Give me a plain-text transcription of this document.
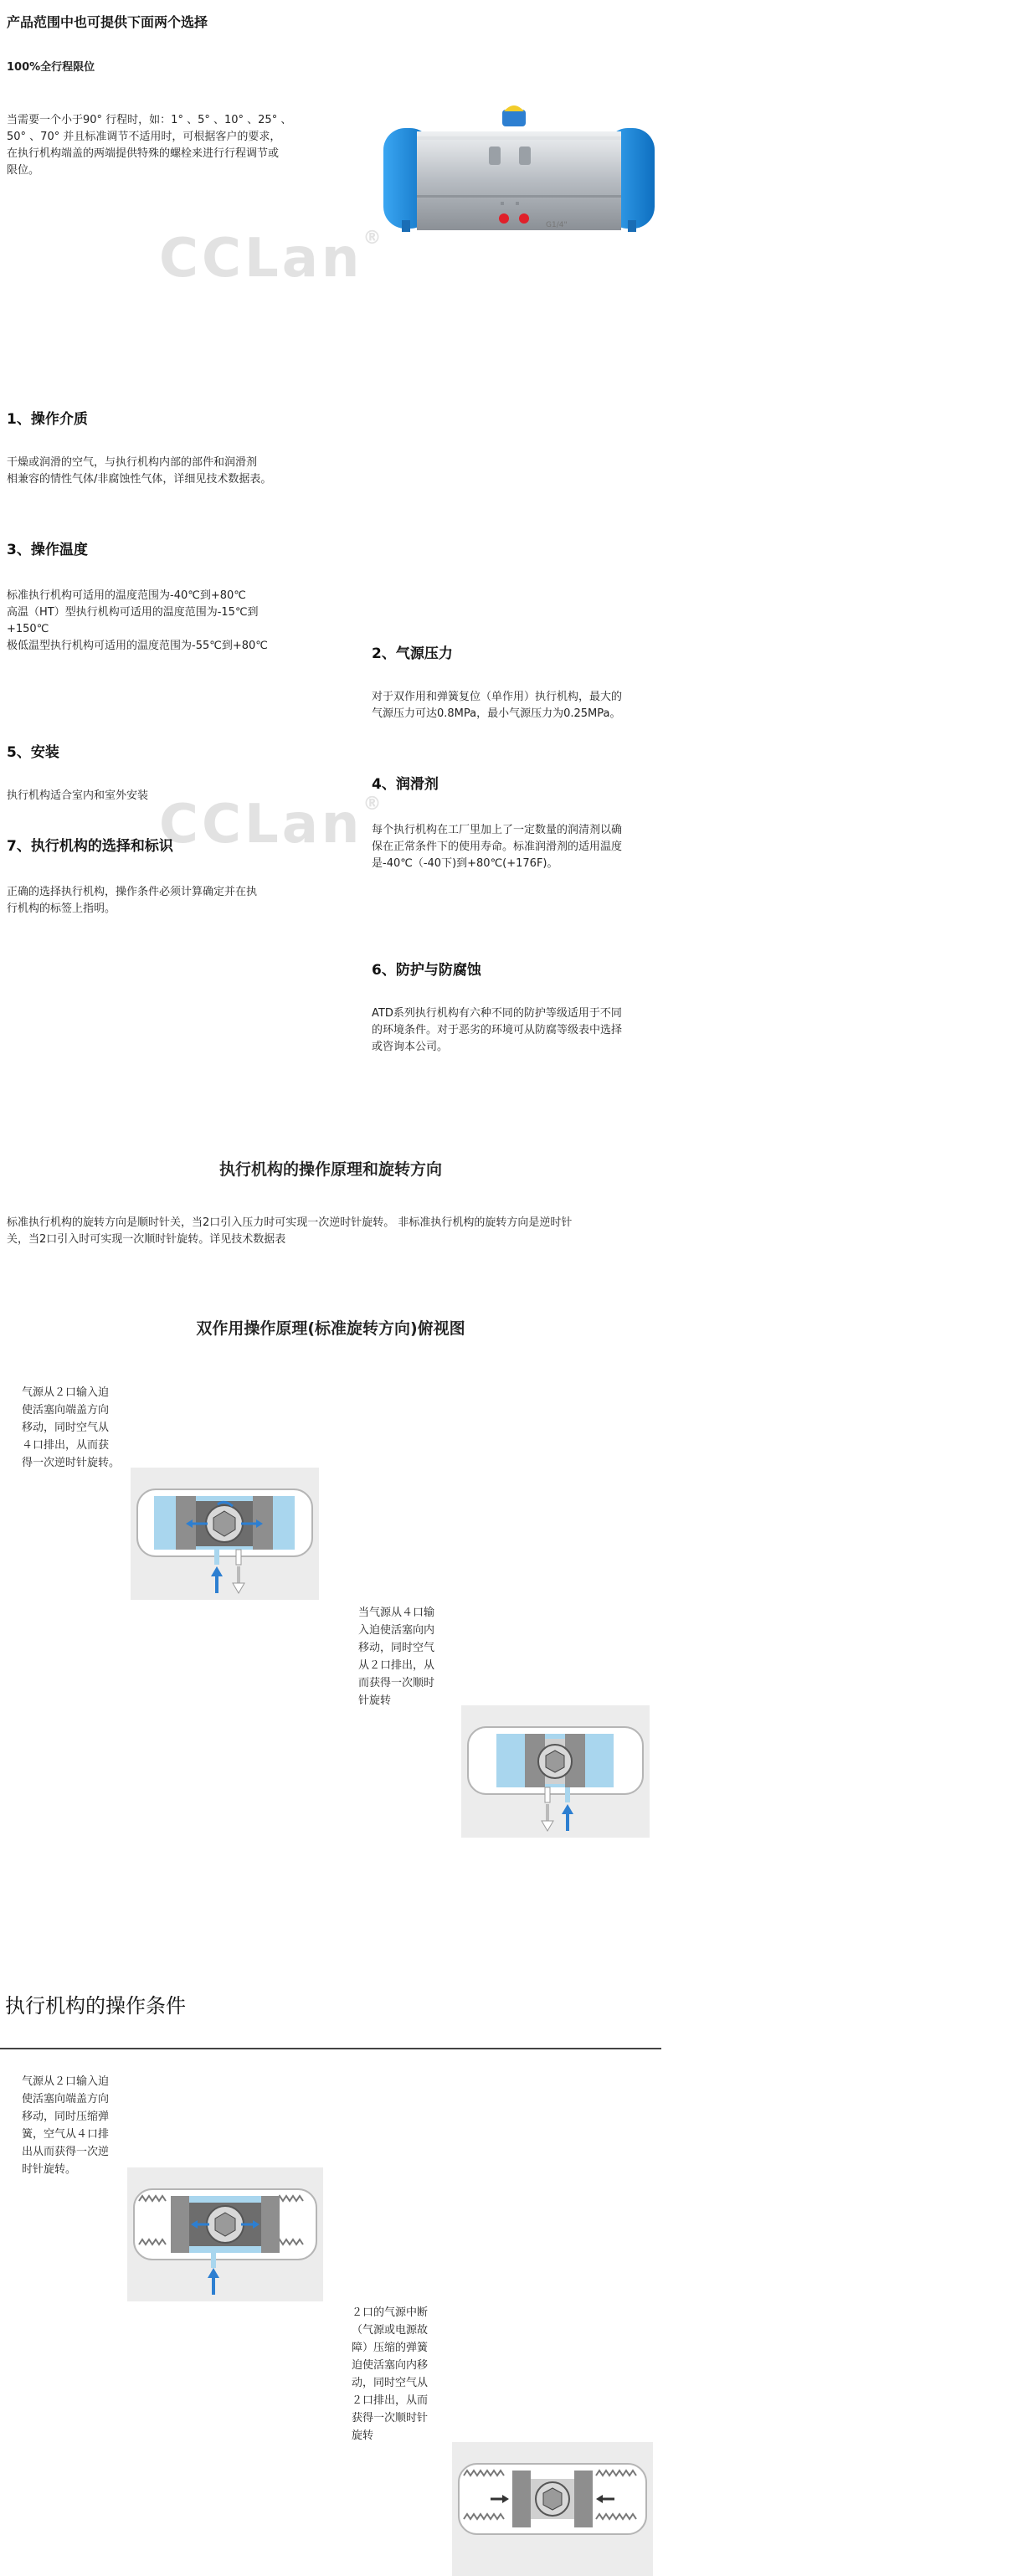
CCLan®
CCLan®
产品范围中也可提供下面两个选择
100%全行程限位
当需要一个小于90° 行程时，如：1° 、5° 、10° 、25° 、
50° 、70° 并且标准调节不适用时，可根据客户的要求，
在执行机构端盖的两端提供特殊的螺栓来进行行程调节或
限位。
G1/4"
1、操作介质
干燥或润滑的空气，与执行机构内部的部件和润滑剂
相兼容的情性气体/非腐蚀性气体，详细见技术数据表。
3、操作温度
标准执行机构可适用的温度范围为-40℃到+80℃
高温（HT）型执行机构可适用的温度范围为-15℃到
+150℃
极低温型执行机构可适用的温度范围为-55℃到+80℃
5、安装
执行机构适合室内和室外安装
7、执行机构的选择和标识
正确的选择执行机构，操作条件必须计算确定并在执
行机构的标签上指明。
2、气源压力
对于双作用和弹簧复位（单作用）执行机构，最大的
气源压力可达0.8MPa，最小气源压力为0.25MPa。
4、润滑剂
每个执行机构在工厂里加上了一定数量的润清剂以确
保在正常条件下的使用寿命。标准润滑剂的适用温度
是-40℃（-40下)到+80℃(+176F)。
6、防护与防腐蚀
ATD系列执行机构有六种不同的防护等级适用于不同
的环境条件。对于恶劣的环境可从防腐等级表中选择
或咨询本公司。
执行机构的操作原理和旋转方向
标准执行机构的旋转方向是顺时针关，当2口引入压力时可实现一次逆时针旋转。 非标准执行机构的旋转方向是逆时针
关，当2口引入时可实现一次顺时针旋转。详见技术数据表
双作用操作原理(标准旋转方向)俯视图
气源从２口输入迫
使活塞向端盖方向
移动，同时空气从
４口排出，从而获
得一次逆时针旋转。
当气源从４口输
入迫使活塞向内
移动，同时空气
从２口排出，从
而获得一次顺时
针旋转
执行机构的操作条件
气源从２口输入迫
使活塞向端盖方向
移动，同时压缩弹
簧，空气从４口排
出从而获得一次逆
时针旋转。
２口的气源中断
（气源或电源故
障）压缩的弹簧
迫使活塞向内移
动，同时空气从
２口排出，从而
获得一次顺时针
旋转
